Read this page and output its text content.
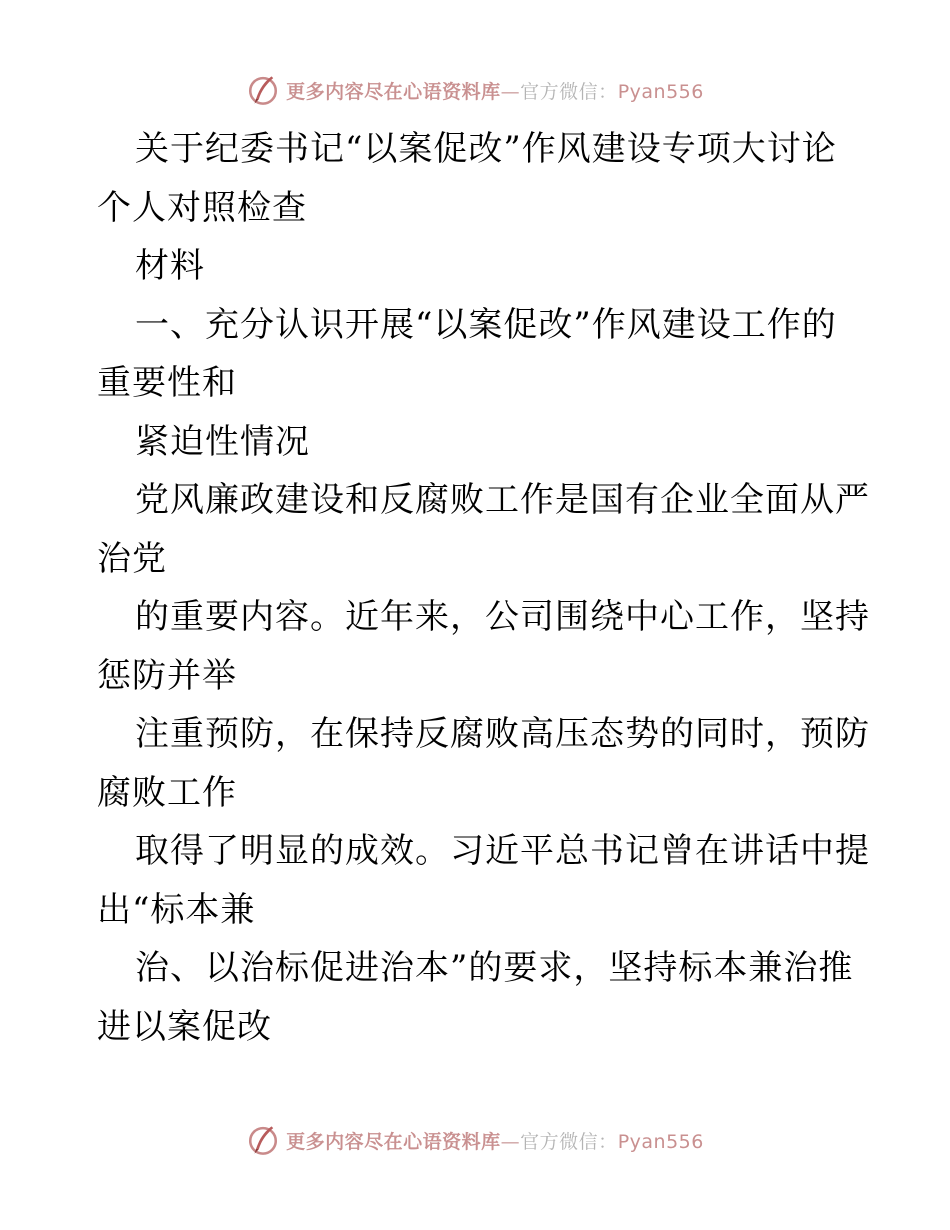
更多内容尽在心语资料库—官方微信：Pyan556
关于纪委书记“以案促改”作风建设专项大讨论
个人对照检查
材料
一、充分认识开展“以案促改”作风建设工作的
重要性和
紧迫性情况
党风廉政建设和反腐败工作是国有企业全面从严
治党
的重要内容。近年来，公司围绕中心工作，坚持
惩防并举
注重预防，在保持反腐败高压态势的同时，预防
腐败工作
取得了明显的成效。习近平总书记曾在讲话中提
出“标本兼
治、以治标促进治本”的要求，坚持标本兼治推
进以案促改
更多内容尽在心语资料库—官方微信：Pyan556
